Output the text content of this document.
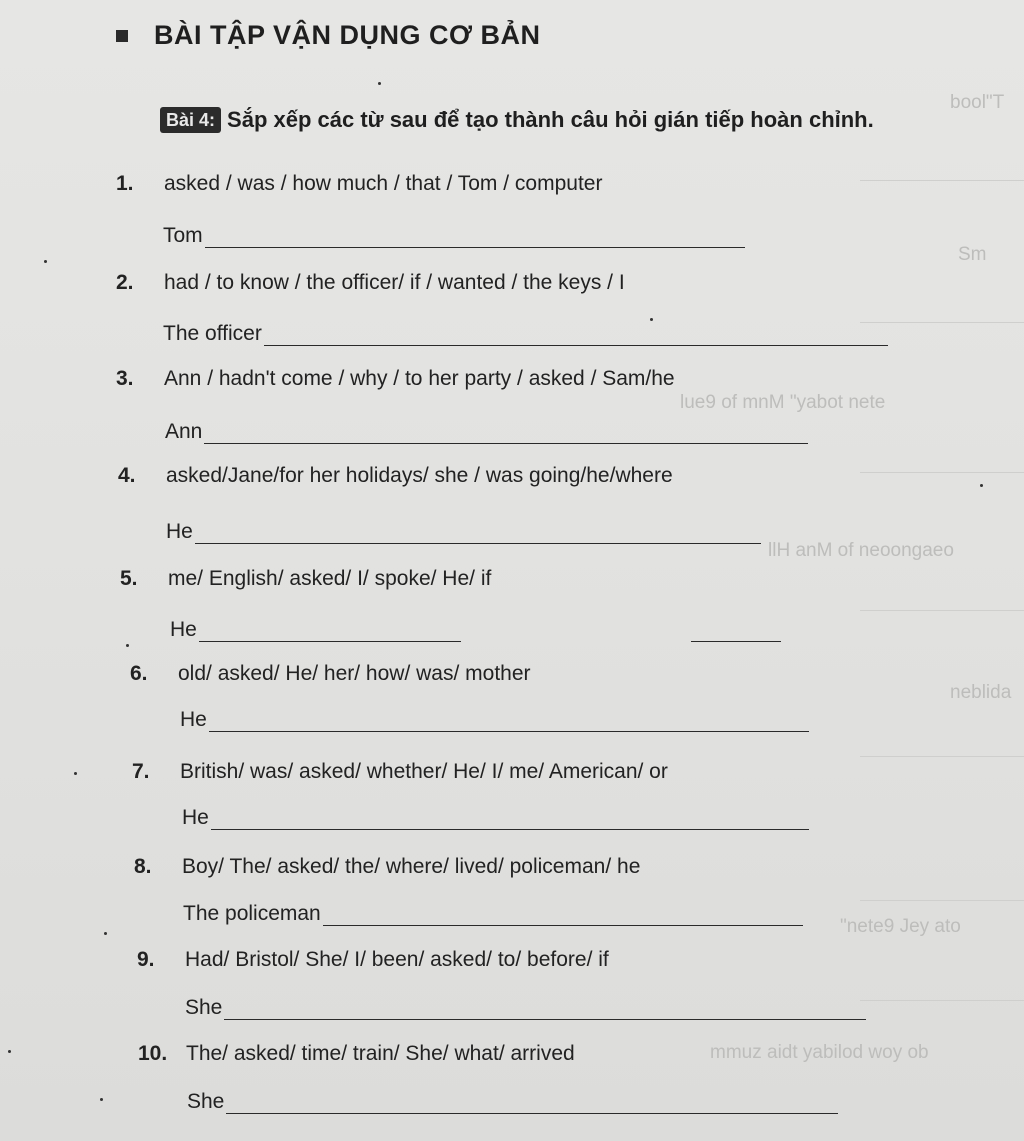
BÀI TẬP VẬN DỤNG CƠ BẢN
Bài 4: Sắp xếp các từ sau để tạo thành câu hỏi gián tiếp hoàn chỉnh.
bool"T
Sm
lue9 of mnM "yabot nete
llH anM of neoongaeo
neblida
"nete9 Jey ato
mmuz aidt yabilod woy ob
1. asked / was / how much / that / Tom / computer
Tom
2. had / to know / the officer/ if / wanted / the keys / I
The officer
3. Ann / hadn't come / why / to her party / asked / Sam/he
Ann
4. asked/Jane/for her holidays/ she / was going/he/where
He
5. me/ English/ asked/ I/ spoke/ He/ if
He
6. old/ asked/ He/ her/ how/ was/ mother
He
7. British/ was/ asked/ whether/ He/ I/ me/ American/ or
He
8. Boy/ The/ asked/ the/ where/ lived/ policeman/ he
The policeman
9. Had/ Bristol/ She/ I/ been/ asked/ to/ before/ if
She
10. The/ asked/ time/ train/ She/ what/ arrived
She
